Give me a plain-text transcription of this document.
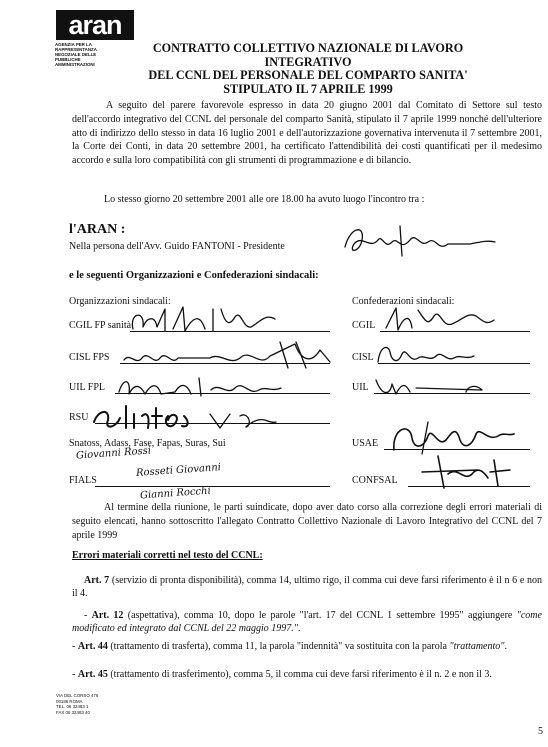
aran
AGENZIA PER LA RAPPRESENTANZA NEGOZIALE DELLE PUBBLICHE AMMINISTRAZIONI
CONTRATTO COLLETTIVO NAZIONALE DI LAVORO INTEGRATIVO
DEL CCNL DEL PERSONALE DEL COMPARTO SANITA'
STIPULATO IL 7 APRILE 1999
A seguito del parere favorevole espresso in data 20 giugno 2001 dal Comitato di Settore sul testo dell'accordo integrativo del CCNL del personale del comparto Sanità, stipulato il 7 aprile 1999 nonché dell'ulteriore atto di indirizzo dello stesso in data 16 luglio 2001 e dell'autorizzazione governativa intervenuta il 7 settembre 2001, la Corte dei Conti, in data 20 settembre 2001, ha certificato l'attendibilità dei costi quantificati per il medesimo accordo e sulla loro compatibilità con gli strumenti di programmazione e di bilancio.
Lo stesso giorno 20 settembre 2001 alle ore 18.00 ha avuto luogo l'incontro tra :
l'ARAN :
Nella persona dell'Avv. Guido FANTONI - Presidente
e le seguenti Organizzazioni e Confederazioni sindacali:
Organizzazioni sindacali:	Confederazioni sindacali:
CGIL FP sanità
CISL FPS
UIL FPL
RSU
Snatoss, Adass, Fase, Fapas, Suras, Sui
FIALS
CGIL
CISL
UIL
USAE
CONFSAL
Giovanni Rossi
Rosseti Giovanni
Gianni Rocchi
Al termine della riunione, le parti suindicate, dopo aver dato corso alla correzione degli errori materiali di seguito elencati, hanno sottoscritto l'allegato Contratto Collettivo Nazionale di Lavoro Integrativo del CCNL del 7 aprile 1999
Errori materiali corretti nel testo del CCNL:
Art. 7 (servizio di pronta disponibilità), comma 14, ultimo rigo, il comma cui deve farsi riferimento è il n 6 e non il 4.
- Art. 12 (aspettativa), comma 10, dopo le parole "l'art. 17 del CCNL 1 settembre 1995" aggiungere "come modificato ed integrato dal CCNL del 22 maggio 1997.".
- Art. 44 (trattamento di trasferta), comma 11, la parola "indennità" va sostituita con la parola "trattamento".
- Art. 45 (trattamento di trasferimento), comma 5, il comma cui deve farsi riferimento è il n. 2 e non il 3.
VIA DEL CORSO 476
00186 ROMA
TEL. 06 32483 1
FAX 06 32483 40
5
